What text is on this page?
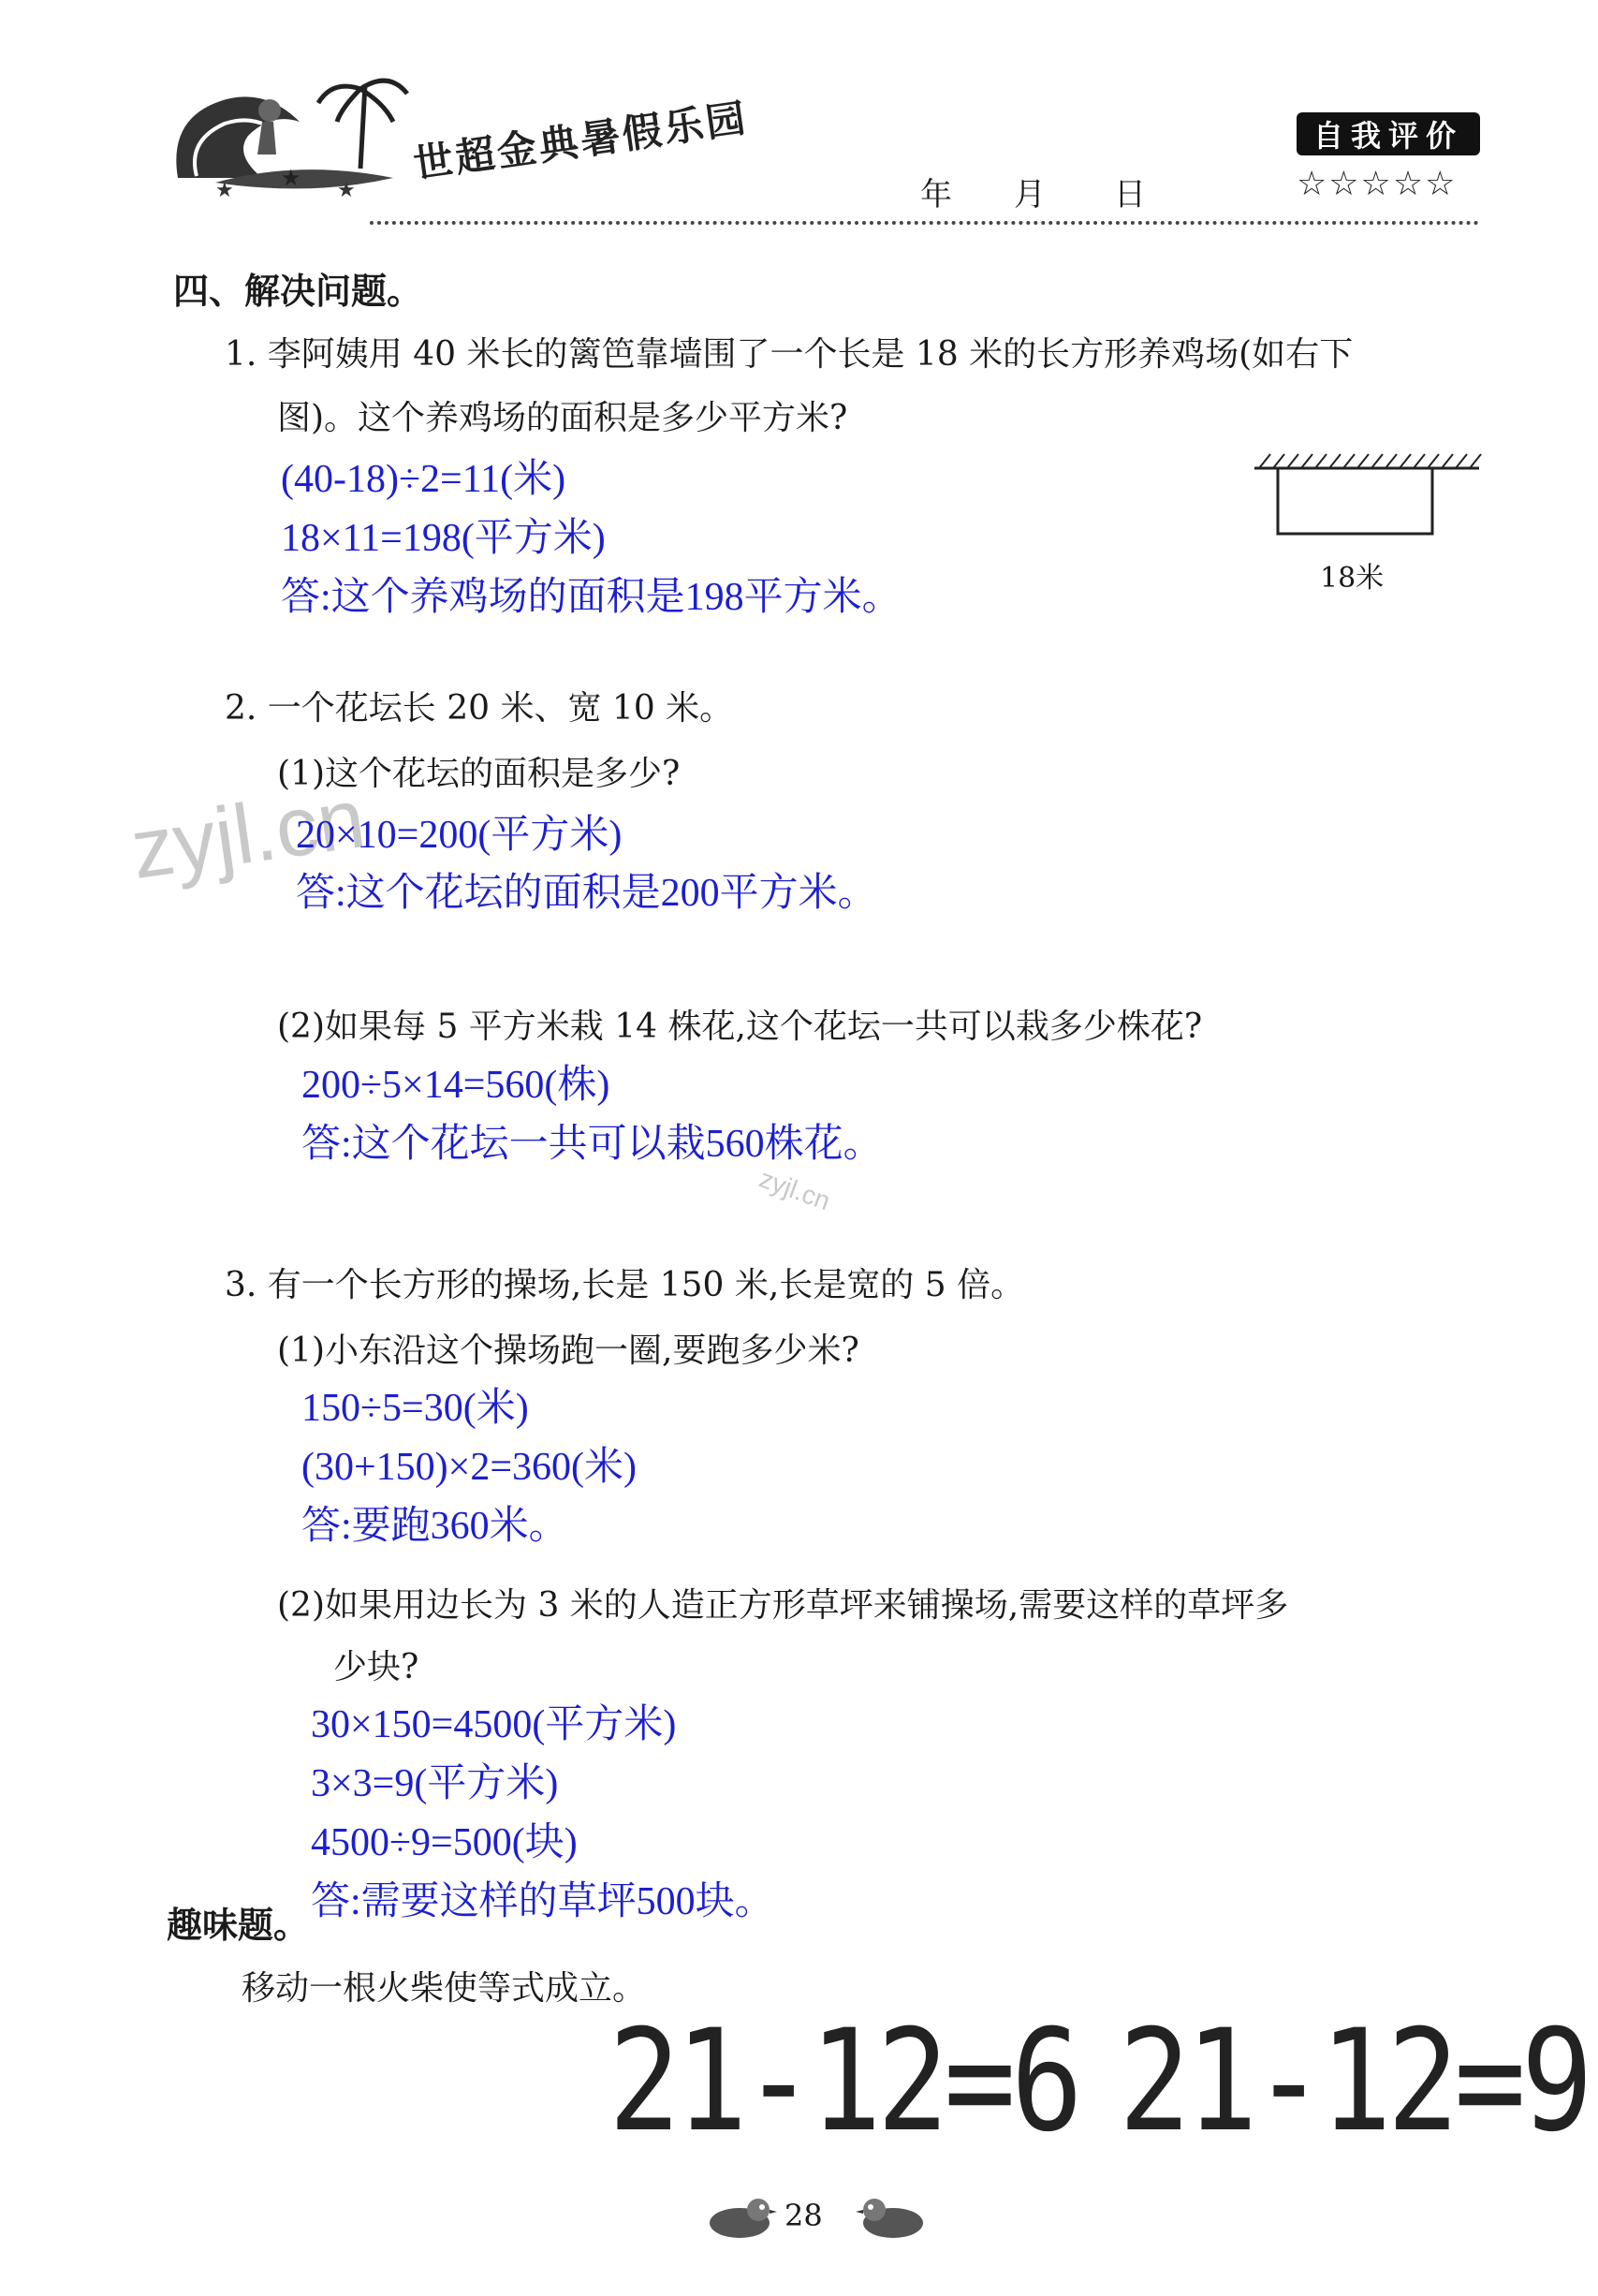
★ ★ ★
世超金典暑假乐园
年 月 日
自我评价
☆☆☆☆☆
四、解决问题。
1. 李阿姨用 40 米长的篱笆靠墙围了一个长是 18 米的长方形养鸡场(如右下
图)。这个养鸡场的面积是多少平方米?
(40-18)÷2=11(米)
18×11=198(平方米)
答:这个养鸡场的面积是198平方米。	18米
zyjl.cn
2. 一个花坛长 20 米、宽 10 米。
(1)这个花坛的面积是多少?
20×10=200(平方米)
答:这个花坛的面积是200平方米。
(2)如果每 5 平方米栽 14 株花,这个花坛一共可以栽多少株花?
200÷5×14=560(株)
答:这个花坛一共可以栽560株花。
zyjl.cn
3. 有一个长方形的操场,长是 150 米,长是宽的 5 倍。
(1)小东沿这个操场跑一圈,要跑多少米?
150÷5=30(米)
(30+150)×2=360(米)
答:要跑360米。
(2)如果用边长为 3 米的人造正方形草坪来铺操场,需要这样的草坪多
少块?
30×150=4500(平方米)
3×3=9(平方米)
4500÷9=500(块)
答:需要这样的草坪500块。
趣味题。
移动一根火柴使等式成立。
21-12=6 21-12=9
28
